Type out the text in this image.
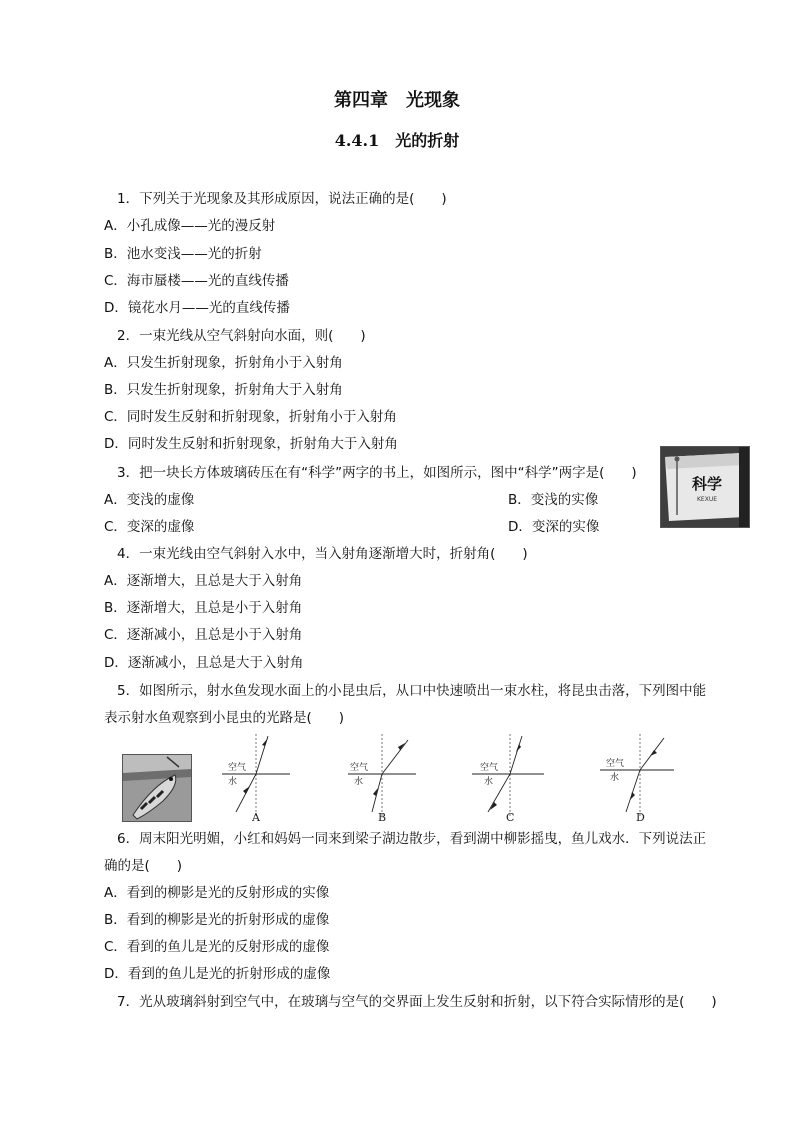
第四章　光现象
4.4.1　光的折射
1．下列关于光现象及其形成原因，说法正确的是(　　)
A．小孔成像——光的漫反射
B．池水变浅——光的折射
C．海市蜃楼——光的直线传播
D．镜花水月——光的直线传播
2．一束光线从空气斜射向水面，则(　　)
A．只发生折射现象，折射角小于入射角
B．只发生折射现象，折射角大于入射角
C．同时发生反射和折射现象，折射角小于入射角
D．同时发生反射和折射现象，折射角大于入射角
3．把一块长方体玻璃砖压在有“科学”两字的书上，如图所示，图中“科学”两字是(　　)
A．变浅的虚像	B．变浅的实像
C．变深的虚像	D．变深的实像
科学
KEXUE
4．一束光线由空气斜射入水中，当入射角逐渐增大时，折射角(　　)
A．逐渐增大，且总是大于入射角
B．逐渐增大，且总是小于入射角
C．逐渐减小，且总是小于入射角
D．逐渐减小，且总是大于入射角
5．如图所示，射水鱼发现水面上的小昆虫后，从口中快速喷出一束水柱，将昆虫击落，下列图中能
表示射水鱼观察到小昆虫的光路是(　　)
空气
水
A
空气
水
B
空气
水
C
空气
水
D
6．周末阳光明媚，小红和妈妈一同来到梁子湖边散步，看到湖中柳影摇曳，鱼儿戏水．下列说法正
确的是(　　)
A．看到的柳影是光的反射形成的实像
B．看到的柳影是光的折射形成的虚像
C．看到的鱼儿是光的反射形成的虚像
D．看到的鱼儿是光的折射形成的虚像
7．光从玻璃斜射到空气中，在玻璃与空气的交界面上发生反射和折射，以下符合实际情形的是(　　)
